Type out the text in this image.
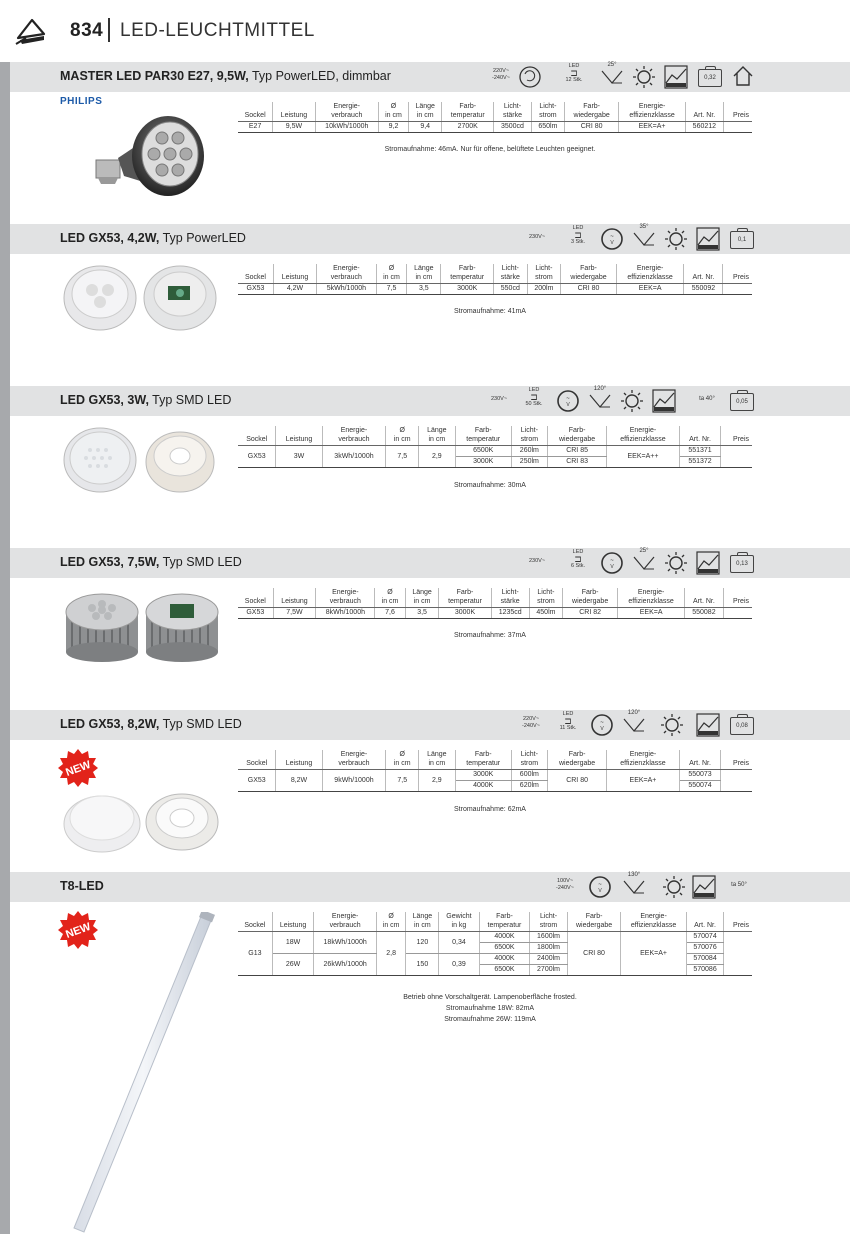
834 LED-LEUCHTMITTEL
MASTER LED PAR30 E27, 9,5W, Typ PowerLED, dimmbar	220V~
-240V~
LED
⊐
12 Stk.
25°
0,32
PHILIPS
Sockel	Leistung	Energie-
verbrauch	Ø
in cm	Länge
in cm	Farb-
temperatur	Licht-
stärke	Licht-
strom	Farb-
wiedergabe	Energie-
effizienzklasse	Art. Nr.	Preis
E27	9,5W	10kWh/1000h	9,2	9,4	2700K	3500cd	650lm	CRI 80	EEK=A+	560212	
Stromaufnahme: 46mA. Nur für offene, belüftete Leuchten geeignet.
LED GX53, 4,2W, Typ PowerLED	230V~
LED
⊐
3 Stk.
~
V
35°
0,1
Sockel	Leistung	Energie-
verbrauch	Ø
in cm	Länge
in cm	Farb-
temperatur	Licht-
stärke	Licht-
strom	Farb-
wiedergabe	Energie-
effizienzklasse	Art. Nr.	Preis
GX53	4,2W	5kWh/1000h	7,5	3,5	3000K	550cd	200lm	CRI 80	EEK=A	550092	
Stromaufnahme: 41mA
LED GX53, 3W, Typ SMD LED	230V~
LED
⊐
50 Stk.
~
V
120°
ta 40°	0,05
Sockel	Leistung	Energie-
verbrauch	Ø
in cm	Länge
in cm	Farb-
temperatur	Licht-
strom	Farb-
wiedergabe	Energie-
effizienzklasse	Art. Nr.	Preis
GX53	3W	3kWh/1000h	7,5	2,9	6500K	260lm	CRI 85	EEK=A++	551371	
					3000K	250lm	CRI 83		551372	
Stromaufnahme: 30mA
LED GX53, 7,5W, Typ SMD LED	230V~
LED
⊐
6 Stk.
~
V
25°
0,13
Sockel	Leistung	Energie-
verbrauch	Ø
in cm	Länge
in cm	Farb-
temperatur	Licht-
stärke	Licht-
strom	Farb-
wiedergabe	Energie-
effizienzklasse	Art. Nr.	Preis
GX53	7,5W	8kWh/1000h	7,6	3,5	3000K	1235cd	450lm	CRI 82	EEK=A	550082	
Stromaufnahme: 37mA
LED GX53, 8,2W, Typ SMD LED	220V~
-240V~
LED
⊐
11 Stk.
~
V
120°
0,08
NEW	Sockel	Leistung	Energie-
verbrauch	Ø
in cm	Länge
in cm	Farb-
temperatur	Licht-
strom	Farb-
wiedergabe	Energie-
effizienzklasse	Art. Nr.	Preis
GX53	8,2W	9kWh/1000h	7,5	2,9	3000K	600lm	CRI 80	EEK=A+	550073	
					4000K	620lm			550074	
Stromaufnahme: 62mA
T8-LED	100V~
-240V~	~
V
130°
ta 50°
NEW	Sockel	Leistung	Energie-
verbrauch	Ø
in cm	Länge
in cm	Gewicht
in kg	Farb-
temperatur	Licht-
strom	Farb-
wiedergabe	Energie-
effizienzklasse	Art. Nr.	Preis
G13	18W	18kWh/1000h	2,8	120	0,34	4000K	1600lm	CRI 80	EEK=A+	570074	
						6500K	1800lm			570076	
	26W	26kWh/1000h		150	0,39	4000K	2400lm			570084	
						6500K	2700lm			570086	
Betrieb ohne Vorschaltgerät. Lampenoberfläche frosted.
Stromaufnahme 18W: 82mA
Stromaufnahme 26W: 119mA
